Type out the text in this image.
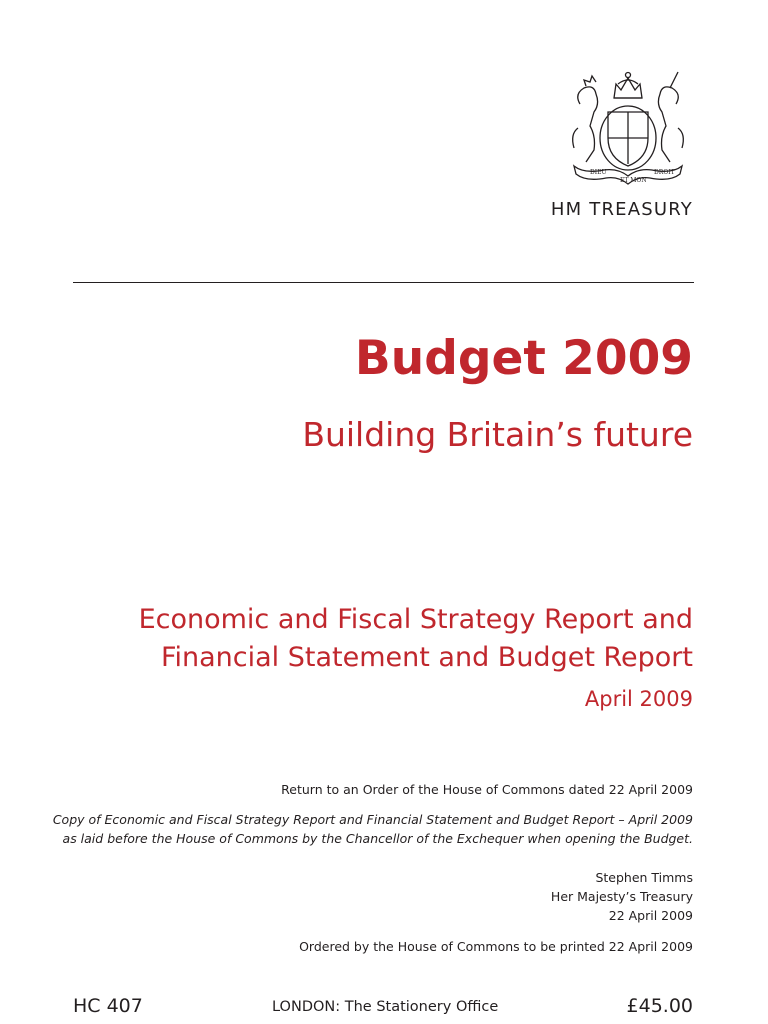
DIEU
ET MON
DROIT
HM TREASURY
Budget 2009
Building Britain’s future
Economic and Fiscal Strategy Report and
Financial Statement and Budget Report
April 2009
Return to an Order of the House of Commons dated 22 April 2009
Copy of Economic and Fiscal Strategy Report and Financial Statement and Budget Report – April 2009
as laid before the House of Commons by the Chancellor of the Exchequer when opening the Budget.
Stephen Timms
Her Majesty’s Treasury
22 April 2009
Ordered by the House of Commons to be printed 22 April 2009
HC 407	LONDON: The Stationery Office	£45.00
